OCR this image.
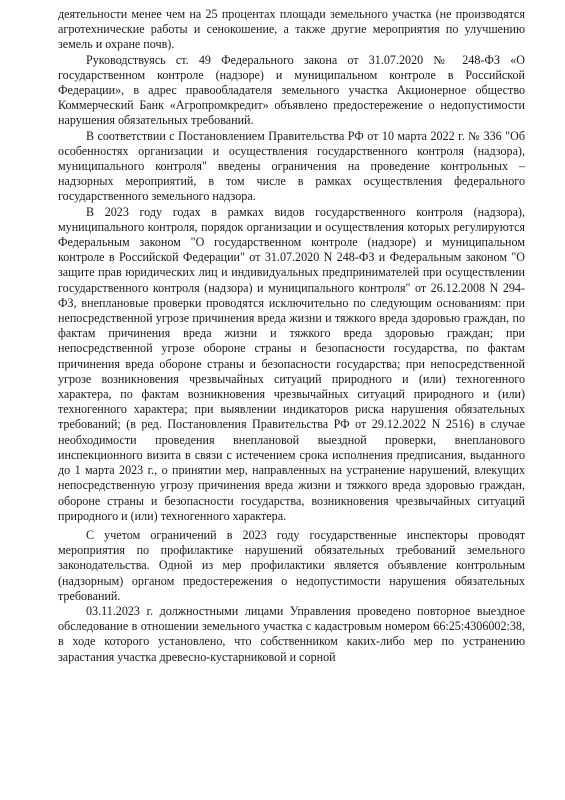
деятельности менее чем на 25 процентах площади земельного участка (не производятся агротехнические работы и сенокошение, а также другие мероприятия по улучшению земель и охране почв).

Руководствуясь ст. 49 Федерального закона от 31.07.2020 № 248-ФЗ «О государственном контроле (надзоре) и муниципальном контроле в Российской Федерации», в адрес правообладателя земельного участка Акционерное общество Коммерческий Банк «Агропромкредит» объявлено предостережение о недопустимости нарушения обязательных требований.

В соответствии с Постановлением Правительства РФ от 10 марта 2022 г. № 336 "Об особенностях организации и осуществления государственного контроля (надзора), муниципального контроля" введены ограничения на проведение контрольных – надзорных мероприятий, в том числе в рамках осуществления федерального государственного земельного надзора.

В 2023 году годах в рамках видов государственного контроля (надзора), муниципального контроля, порядок организации и осуществления которых регулируются Федеральным законом "О государственном контроле (надзоре) и муниципальном контроле в Российской Федерации" от 31.07.2020 N 248-ФЗ и Федеральным законом "О защите прав юридических лиц и индивидуальных предпринимателей при осуществлении государственного контроля (надзора) и муниципального контроля" от 26.12.2008 N 294-ФЗ, внеплановые проверки проводятся исключительно по следующим основаниям: при непосредственной угрозе причинения вреда жизни и тяжкого вреда здоровью граждан, по фактам причинения вреда жизни и тяжкого вреда здоровью граждан; при непосредственной угрозе обороне страны и безопасности государства, по фактам причинения вреда обороне страны и безопасности государства; при непосредственной угрозе возникновения чрезвычайных ситуаций природного и (или) техногенного характера, по фактам возникновения чрезвычайных ситуаций природного и (или) техногенного характера; при выявлении индикаторов риска нарушения обязательных требований; (в ред. Постановления Правительства РФ от 29.12.2022 N 2516) в случае необходимости проведения внеплановой выездной проверки, внепланового инспекционного визита в связи с истечением срока исполнения предписания, выданного до 1 марта 2023 г., о принятии мер, направленных на устранение нарушений, влекущих непосредственную угрозу причинения вреда жизни и тяжкого вреда здоровью граждан, обороне страны и безопасности государства, возникновения чрезвычайных ситуаций природного и (или) техногенного характера.

С учетом ограничений в 2023 году государственные инспекторы проводят мероприятия по профилактике нарушений обязательных требований земельного законодательства. Одной из мер профилактики является объявление контрольным (надзорным) органом предостережения о недопустимости нарушения обязательных требований.

03.11.2023 г. должностными лицами Управления проведено повторное выездное обследование в отношении земельного участка с кадастровым номером 66:25:4306002:38, в ходе которого установлено, что собственником каких-либо мер по устранению зарастания участка древесно-кустарниковой и сорной
